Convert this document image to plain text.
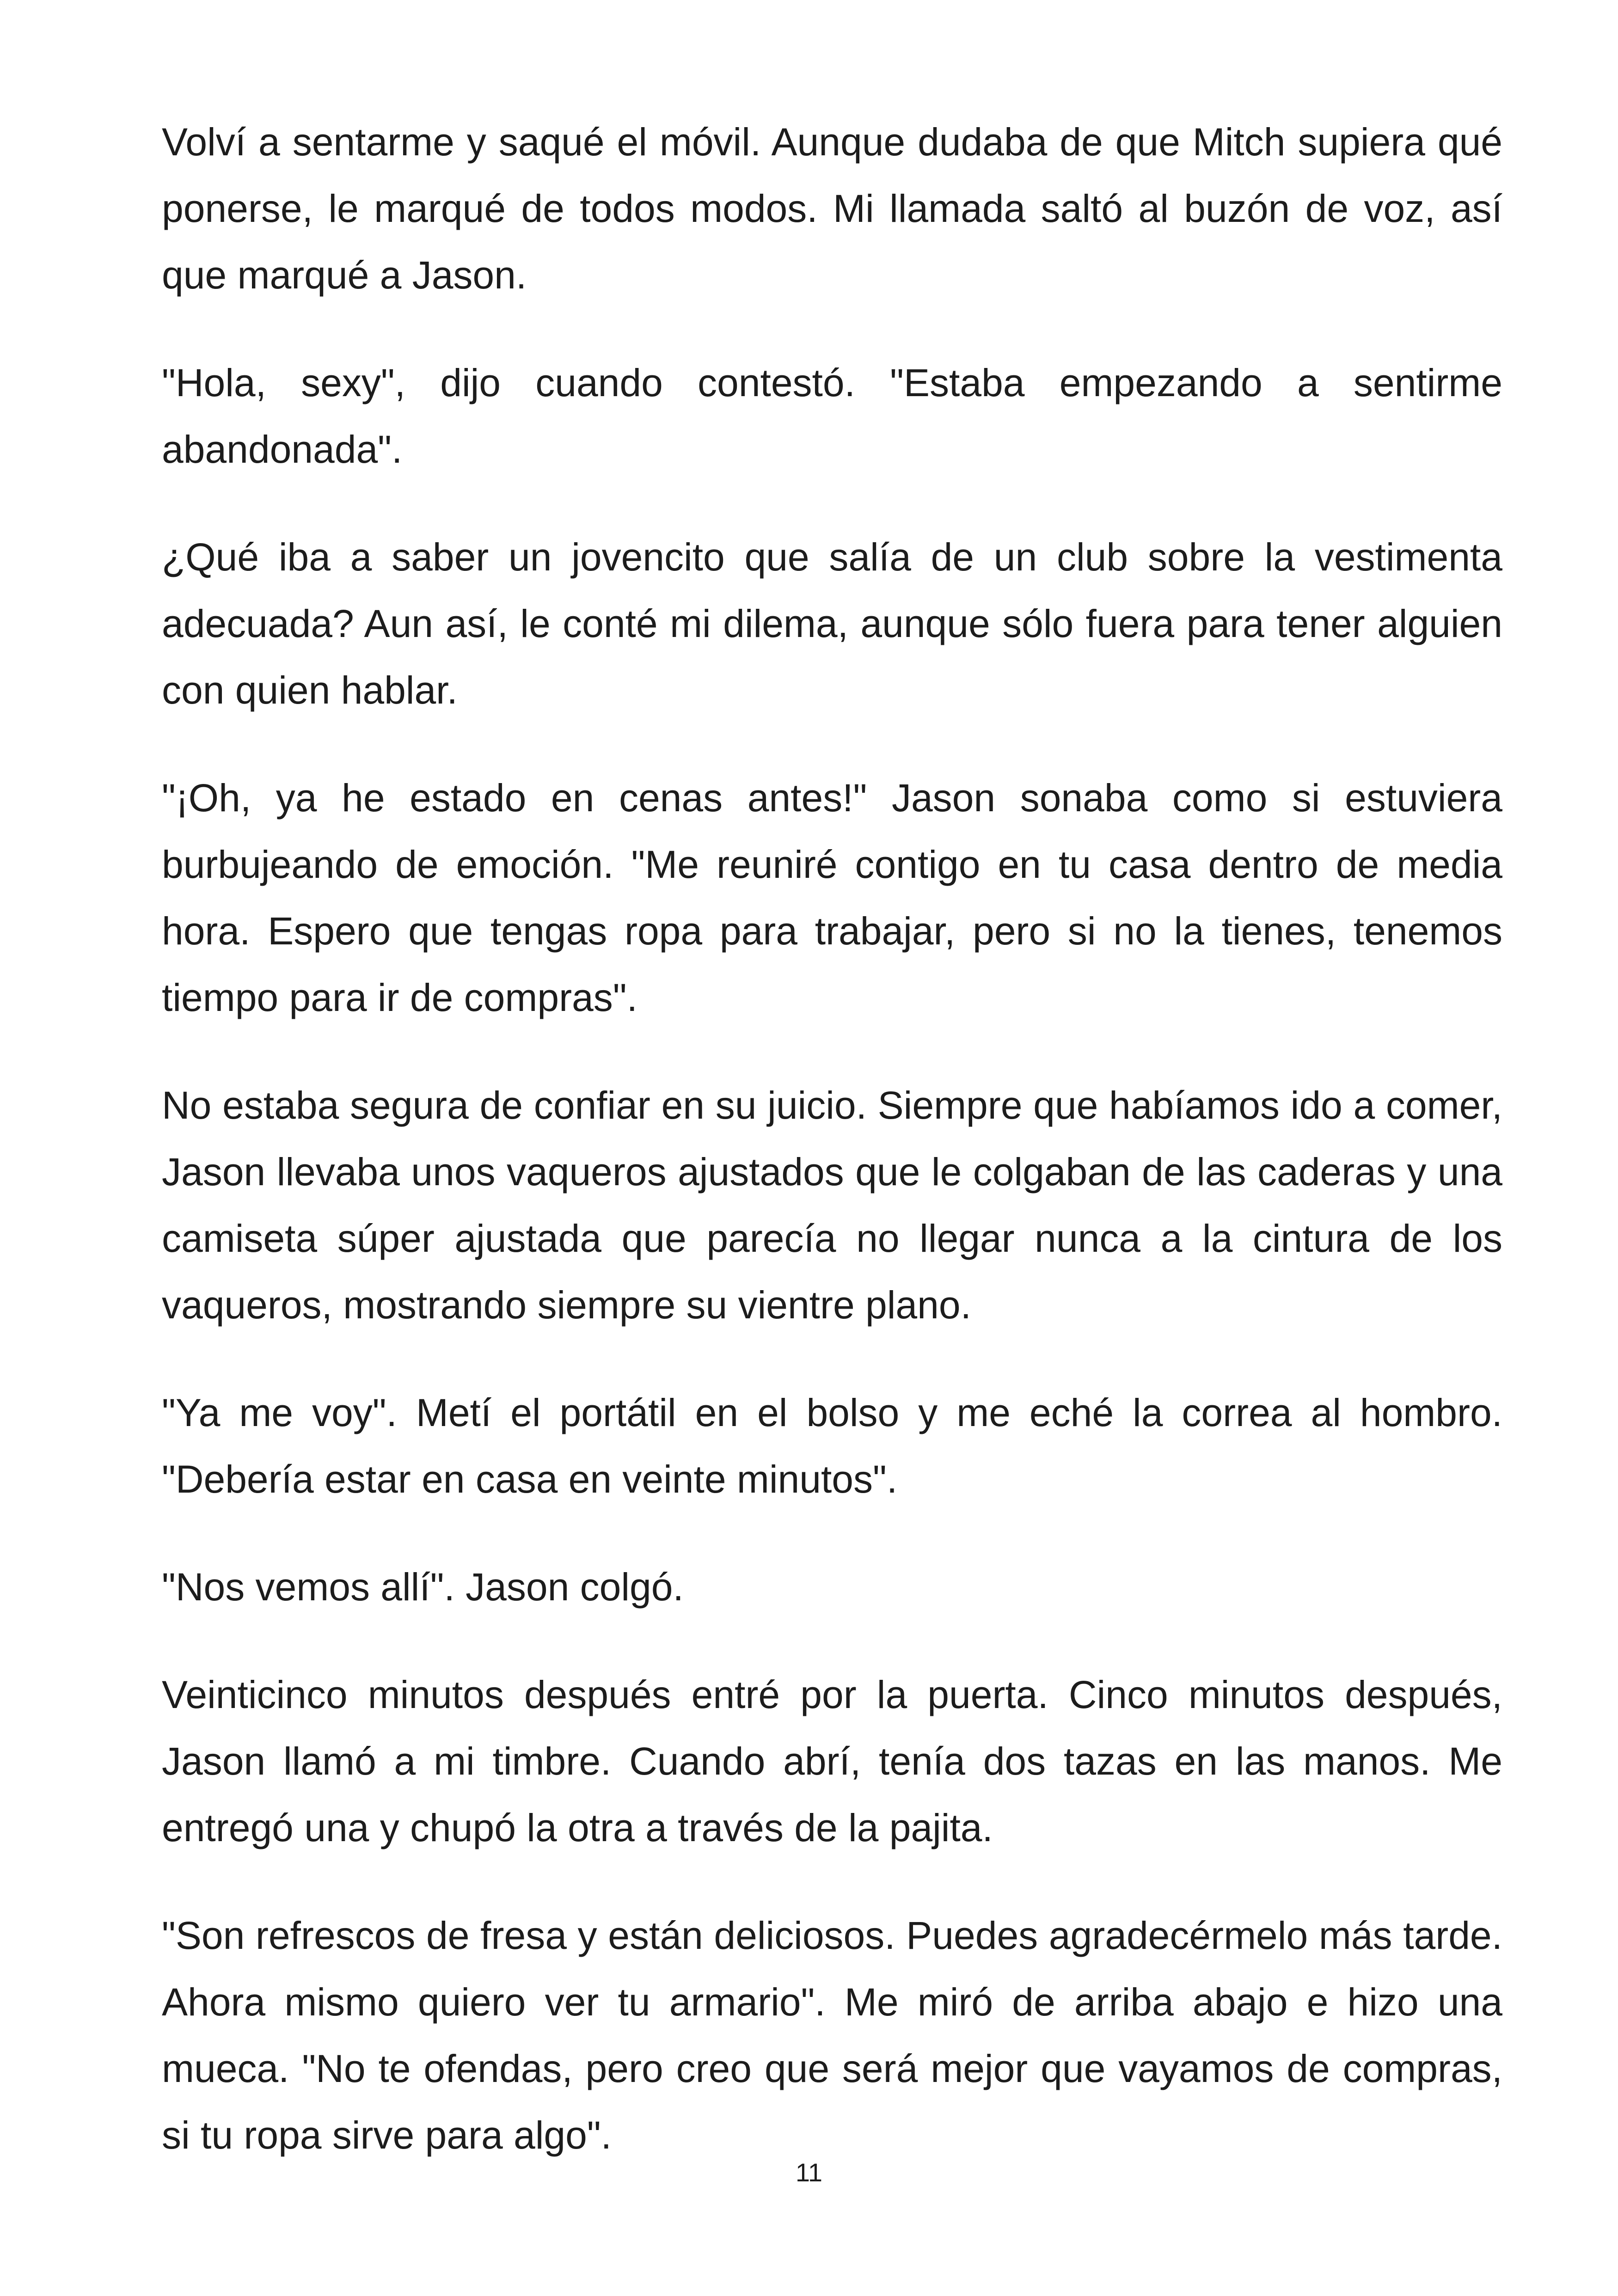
Volví a sentarme y saqué el móvil. Aunque dudaba de que Mitch supiera qué ponerse, le marqué de todos modos. Mi llamada saltó al buzón de voz, así que marqué a Jason.

"Hola, sexy", dijo cuando contestó. "Estaba empezando a sentirme abandonada".

¿Qué iba a saber un jovencito que salía de un club sobre la vestimenta adecuada? Aun así, le conté mi dilema, aunque sólo fuera para tener alguien con quien hablar.

"¡Oh, ya he estado en cenas antes!" Jason sonaba como si estuviera burbujeando de emoción. "Me reuniré contigo en tu casa dentro de media hora. Espero que tengas ropa para trabajar, pero si no la tienes, tenemos tiempo para ir de compras".

No estaba segura de confiar en su juicio. Siempre que habíamos ido a comer, Jason llevaba unos vaqueros ajustados que le colgaban de las caderas y una camiseta súper ajustada que parecía no llegar nunca a la cintura de los vaqueros, mostrando siempre su vientre plano.

"Ya me voy". Metí el portátil en el bolso y me eché la correa al hombro. "Debería estar en casa en veinte minutos".

"Nos vemos allí". Jason colgó.

Veinticinco minutos después entré por la puerta. Cinco minutos después, Jason llamó a mi timbre. Cuando abrí, tenía dos tazas en las manos. Me entregó una y chupó la otra a través de la pajita.

"Son refrescos de fresa y están deliciosos. Puedes agradecérmelo más tarde. Ahora mismo quiero ver tu armario". Me miró de arriba abajo e hizo una mueca. "No te ofendas, pero creo que será mejor que vayamos de compras, si tu ropa sirve para algo".

11
